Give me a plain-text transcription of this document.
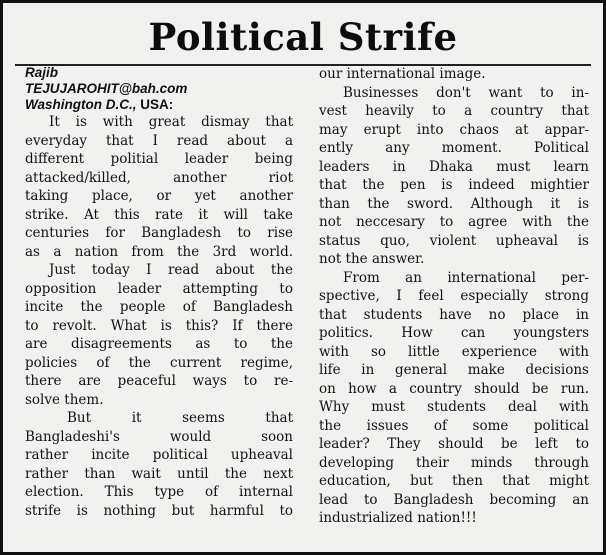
Political Strife
Rajib
TEJUJAROHIT@bah.com
Washington D.C., USA:
It is with great dismay that
everyday that I read about a
different politial leader being
attacked/killed, another riot
taking place, or yet another
strike. At this rate it will take
centuries for Bangladesh to rise
as a nation from the 3rd world.
Just today I read about the
opposition leader attempting to
incite the people of Bangladesh
to revolt. What is this? If there
are disagreements as to the
policies of the current regime,
there are peaceful ways to re-
solve them.
But it seems that
Bangladeshi's would soon
rather incite political upheaval
rather than wait until the next
election. This type of internal
strife is nothing but harmful to
our international image.
Businesses don't want to in-
vest heavily to a country that
may erupt into chaos at appar-
ently any moment. Political
leaders in Dhaka must learn
that the pen is indeed mightier
than the sword. Although it is
not neccesary to agree with the
status quo, violent upheaval is
not the answer.
From an international per-
spective, I feel especially strong
that students have no place in
politics. How can youngsters
with so little experience with
life in general make decisions
on how a country should be run.
Why must students deal with
the issues of some political
leader? They should be left to
developing their minds through
education, but then that might
lead to Bangladesh becoming an
industrialized nation!!!
